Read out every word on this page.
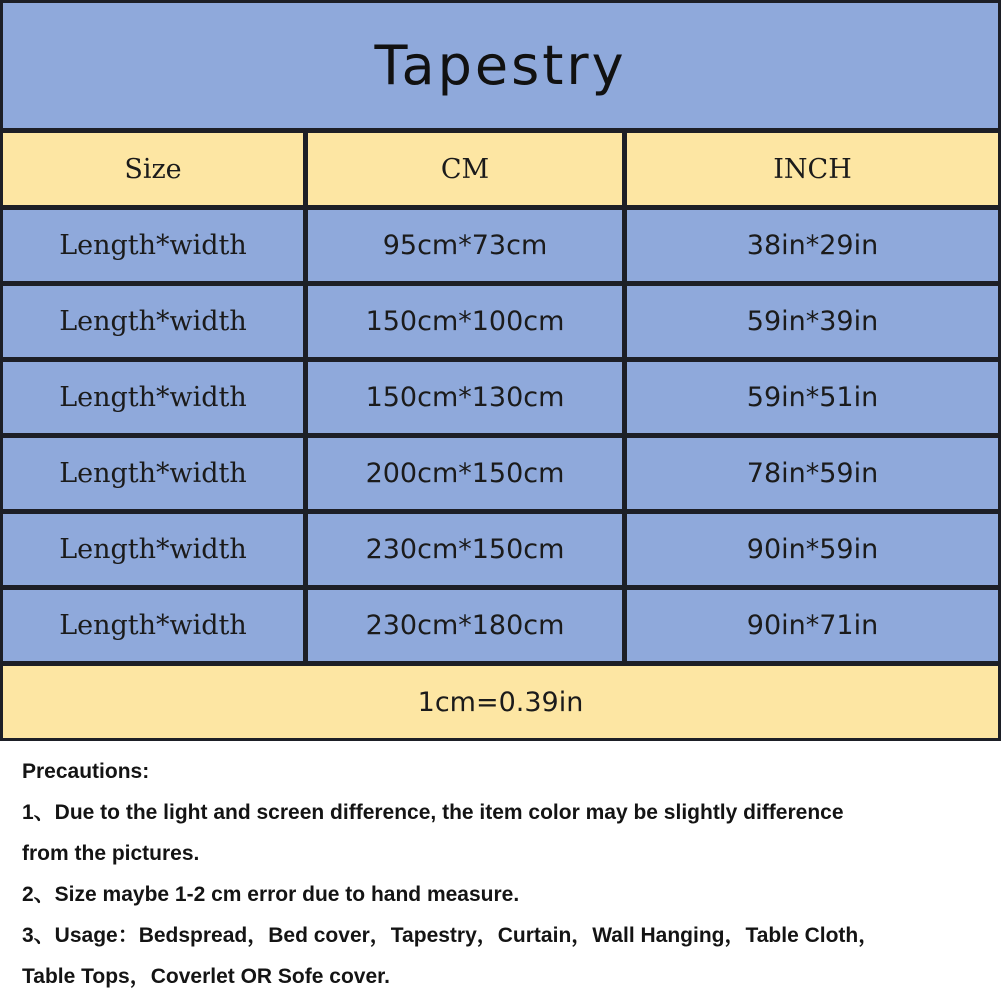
Tapestry
Size	CM	INCH
Length*width	95cm*73cm	38in*29in
Length*width	150cm*100cm	59in*39in
Length*width	150cm*130cm	59in*51in
Length*width	200cm*150cm	78in*59in
Length*width	230cm*150cm	90in*59in
Length*width	230cm*180cm	90in*71in
1cm=0.39in
Precautions:
1、Due to the light and screen difference, the item color may be slightly difference
from the pictures.
2、Size maybe 1-2 cm error due to hand measure.
3、Usage：Bedspread，Bed cover，Tapestry，Curtain，Wall Hanging，Table Cloth，
Table Tops，Coverlet OR Sofe cover.
